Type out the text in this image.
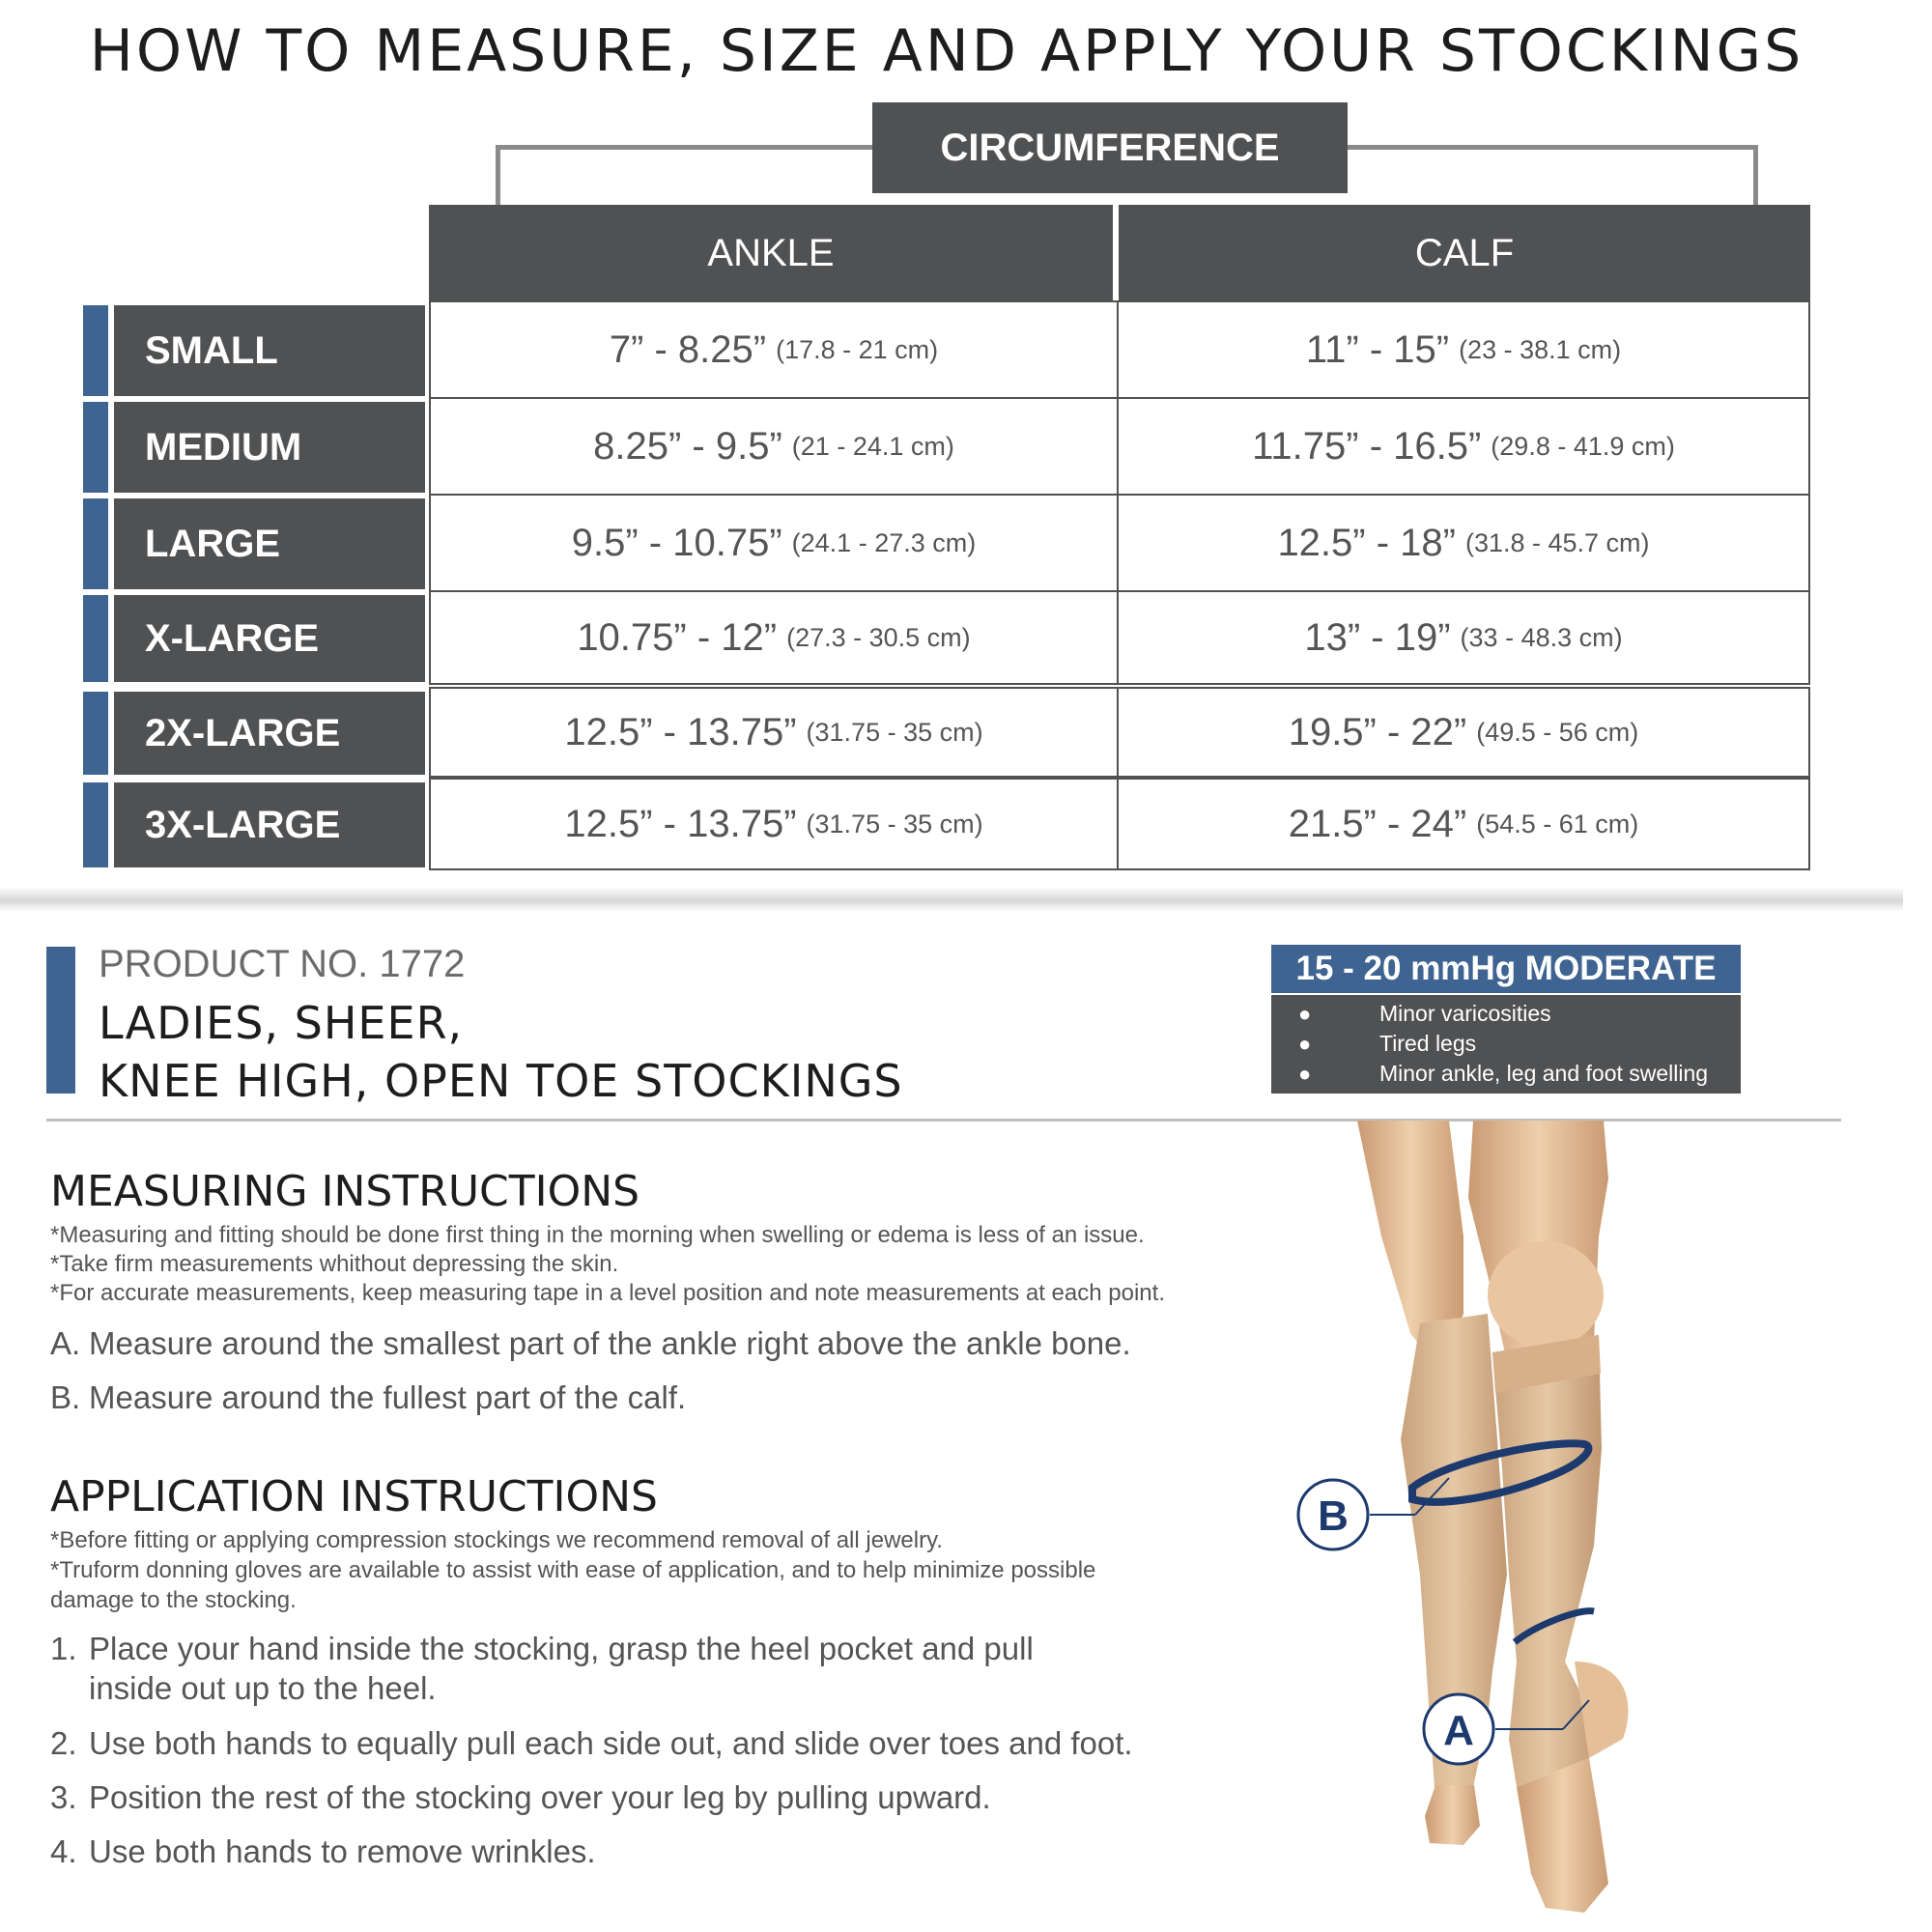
HOW TO MEASURE, SIZE AND APPLY YOUR STOCKINGS
CIRCUMFERENCE
ANKLE	CALF
SMALL	7” - 8.25” (17.8 - 21 cm)	11” - 15” (23 - 38.1 cm)
MEDIUM	8.25” - 9.5” (21 - 24.1 cm)	11.75” - 16.5” (29.8 - 41.9 cm)
LARGE	9.5” - 10.75” (24.1 - 27.3 cm)	12.5” - 18” (31.8 - 45.7 cm)
X-LARGE	10.75” - 12” (27.3 - 30.5 cm)	13” - 19” (33 - 48.3 cm)
2X-LARGE	12.5” - 13.75” (31.75 - 35 cm)	19.5” - 22” (49.5 - 56 cm)
3X-LARGE	12.5” - 13.75” (31.75 - 35 cm)	21.5” - 24” (54.5 - 61 cm)
PRODUCT NO. 1772
LADIES, SHEER,
KNEE HIGH, OPEN TOE STOCKINGS
15 - 20 mmHg MODERATE
●	Minor varicosities
●	Tired legs
●	Minor ankle, leg and foot swelling
MEASURING INSTRUCTIONS
*Measuring and fitting should be done first thing in the morning when swelling or edema is less of an issue.
*Take firm measurements whithout depressing the skin.
*For accurate measurements, keep measuring tape in a level position and note measurements at each point.
A. Measure around the smallest part of the ankle right above the ankle bone.
B. Measure around the fullest part of the calf.
APPLICATION INSTRUCTIONS
*Before fitting or applying compression stockings we recommend removal of all jewelry.
*Truform donning gloves are available to assist with ease of application, and to help minimize possible
damage to the stocking.
1. Place your hand inside the stocking, grasp the heel pocket and pull
inside out up to the heel.
2. Use both hands to equally pull each side out, and slide over toes and foot.
3. Position the rest of the stocking over your leg by pulling upward.
4. Use both hands to remove wrinkles.
B
A
